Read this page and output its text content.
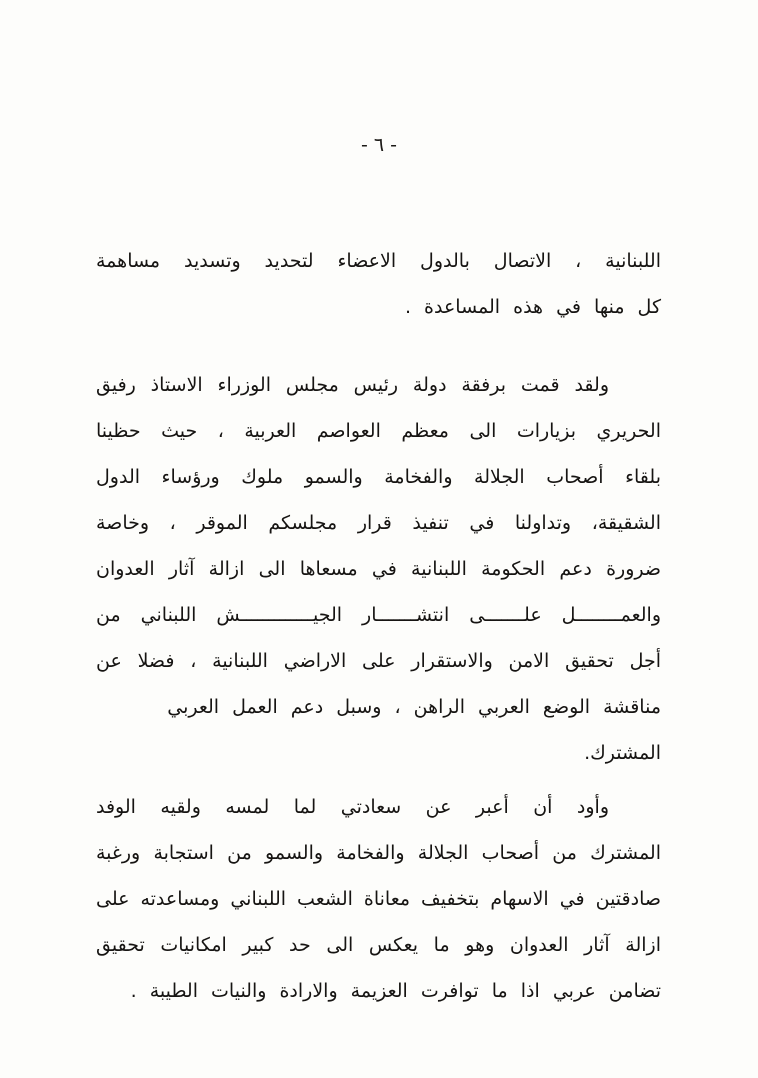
- ٦ -
اللبنانية ، الاتصال بالدول الاعضاء لتحديد وتسديد مساهمة
كل منها في هذه المساعدة .
ولقد قمت برفقة دولة رئيس مجلس الوزراء الاستاذ رفيق
الحريري بزيارات الى معظم العواصم العربية ، حيث حظينا
بلقاء أصحاب الجلالة والفخامة والسمو ملوك ورؤساء الدول
الشقيقة، وتداولنا في تنفيذ قرار مجلسكم الموقر ، وخاصة
ضرورة دعم الحكومة اللبنانية في مسعاها الى ازالة آثار العدوان
والعمــــــــل علـــــــى انتشـــــــار الجيـــــــــــــش اللبناني من
أجل تحقيق الامن والاستقرار على الاراضي اللبنانية ، فضلا عن
مناقشة الوضع العربي الراهن ، وسبل دعم العمل العربي المشترك.
وأود أن أعبر عن سعادتي لما لمسه ولقيه الوفد
المشترك من أصحاب الجلالة والفخامة والسمو من استجابة ورغبة
صادقتين في الاسهام بتخفيف معاناة الشعب اللبناني ومساعدته على
ازالة آثار العدوان وهو ما يعكس الى حد كبير امكانيات تحقيق
تضامن عربي اذا ما توافرت العزيمة والارادة والنيات الطيبة .
